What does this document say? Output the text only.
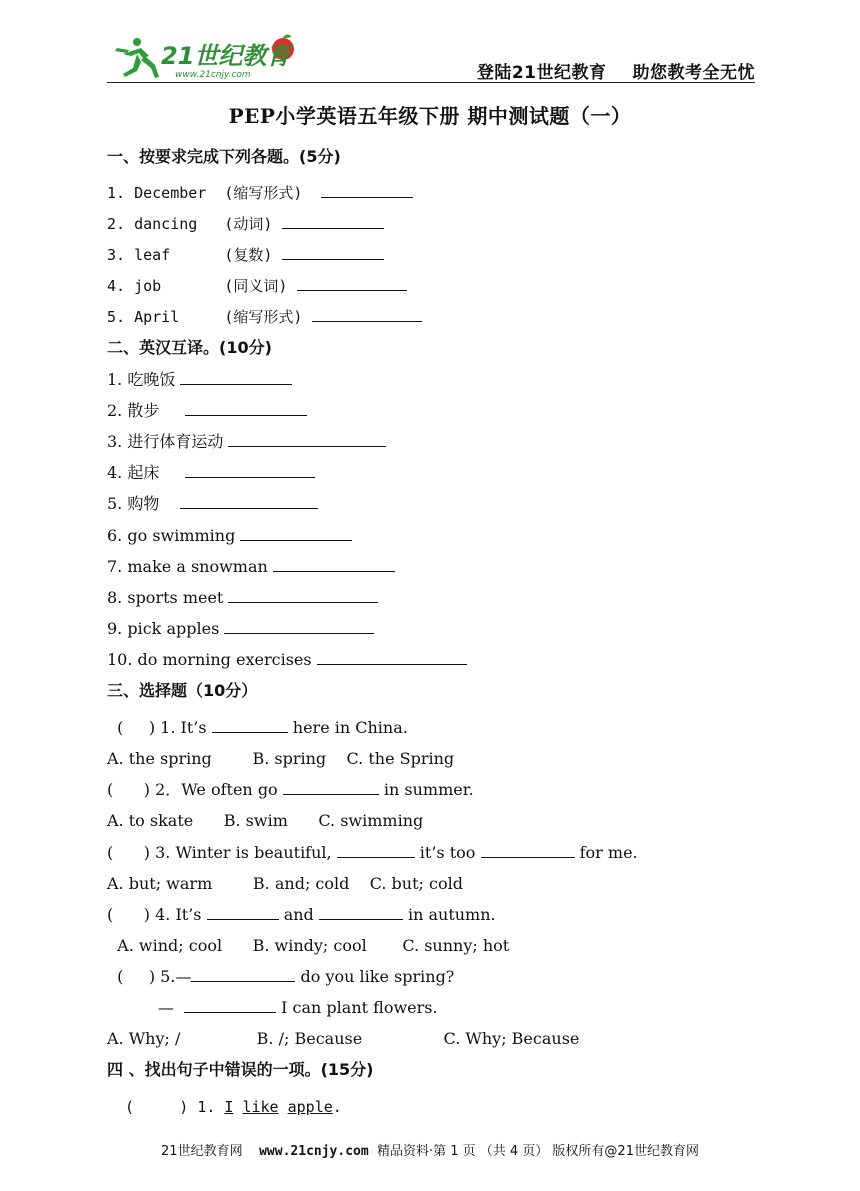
21世纪教育
www.21cnjy.com	登陆21世纪教育 助您教考全无忧
PEP小学英语五年级下册 期中测试题（一）
一、按要求完成下列各题。(5分)
1. December (缩写形式)
2. dancing (动词)
3. leaf	(复数)
4. job	(同义词)
5. April	(缩写形式)
二、英汉互译。(10分)
1. 吃晚饭
2. 散步
3. 进行体育运动
4. 起床
5. 购物
6. go swimming
7. make a snowman
8. sports meet
9. pick apples
10. do morning exercises
三、选择题（10分）
(     ) 1. It’s	here in China.
A. the spring        B. spring    C. the Spring
(      ) 2．We often go	in summer.
A. to skate      B. swim      C. swimming
(      ) 3. Winter is beautiful,	it’s too	for me.
A. but; warm        B. and; cold    C. but; cold
(      ) 4. It’s	and	in autumn.
A. wind; cool      B. windy; cool       C. sunny; hot
(     ) 5.—	do you like spring?
—	I can plant flowers.
A. Why; /               B. /; Because                C. Why; Because
四 、找出句子中错误的一项。(15分)
(     ) 1. I like apple.
21世纪教育网 www.21cnjy.com 精品资料·第 1 页 （共 4 页） 版权所有@21世纪教育网
